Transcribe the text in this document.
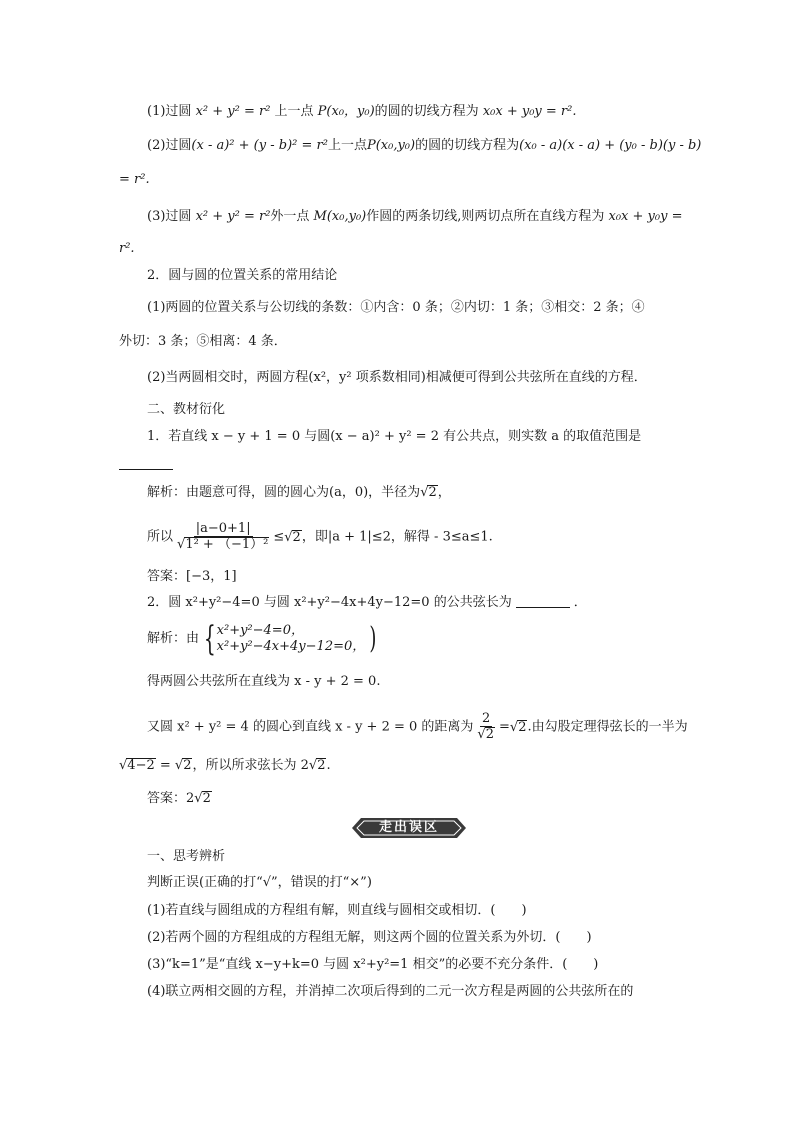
(1)过圆 x² + y² = r² 上一点 P(x₀，y₀)的圆的切线方程为 x₀x + y₀y = r².
(2)过圆(x - a)² + (y - b)² = r²上一点P(x₀,y₀)的圆的切线方程为(x₀ - a)(x - a) + (y₀ - b)(y - b)
= r².
(3)过圆 x² + y² = r²外一点 M(x₀,y₀)作圆的两条切线,则两切点所在直线方程为 x₀x + y₀y =
r².
2．圆与圆的位置关系的常用结论
(1)两圆的位置关系与公切线的条数：①内含：0 条；②内切：1 条；③相交：2 条；④
外切：3 条；⑤相离：4 条．
(2)当两圆相交时，两圆方程(x²，y² 项系数相同)相减便可得到公共弦所在直线的方程．
二、教材衍化
1．若直线 x − y + 1 = 0 与圆(x − a)² + y² = 2 有公共点，则实数 a 的取值范围是
解析：由题意可得，圆的圆心为(a，0)，半径为√2，
所以 $\frac{|a-0+1|}{\text{√1² + （−1）²}} \le√2$，即|a + 1|≤2，解得 - 3≤a≤1.
答案：[−3，1]
2．圆 x²+y²−4=0 与圆 x²+y²−4x+4y−12=0 的公共弦长为	．
解析：由 { x²+y²−4=0，
x²+y²−4x+4y−12=0， )
得两圆公共弦所在直线为 x - y + 2 = 0.
又圆 x² + y² = 4 的圆心到直线 x - y + 2 = 0 的距离为 $\frac{2}{√2} =√2$.由勾股定理得弦长的一半为
√4−2 = √2，所以所求弦长为 2√2.
答案：2√2
走出误区
一、思考辨析
判断正误(正确的打“√”，错误的打“×”)
(1)若直线与圆组成的方程组有解，则直线与圆相交或相切．(　　)
(2)若两个圆的方程组成的方程组无解，则这两个圆的位置关系为外切．(　　)
(3)“k=1”是“直线 x−y+k=0 与圆 x²+y²=1 相交”的必要不充分条件．(　　)
(4)联立两相交圆的方程，并消掉二次项后得到的二元一次方程是两圆的公共弦所在的
